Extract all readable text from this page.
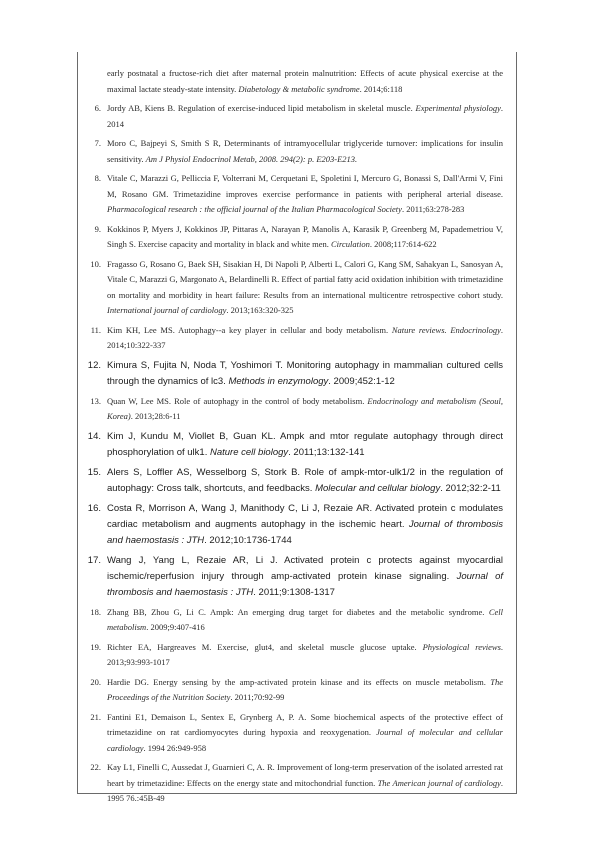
early postnatal a fructose-rich diet after maternal protein malnutrition: Effects of acute physical exercise at the maximal lactate steady-state intensity. Diabetology & metabolic syndrome. 2014;6:118
6. Jordy AB, Kiens B. Regulation of exercise-induced lipid metabolism in skeletal muscle. Experimental physiology. 2014
7. Moro C, Bajpeyi S, Smith S R, Determinants of intramyocellular triglyceride turnover: implications for insulin sensitivity. Am J Physiol Endocrinol Metab, 2008. 294(2): p. E203-E213.
8. Vitale C, Marazzi G, Pelliccia F, Volterrani M, Cerquetani E, Spoletini I, Mercuro G, Bonassi S, Dall'Armi V, Fini M, Rosano GM. Trimetazidine improves exercise performance in patients with peripheral arterial disease. Pharmacological research : the official journal of the Italian Pharmacological Society. 2011;63:278-283
9. Kokkinos P, Myers J, Kokkinos JP, Pittaras A, Narayan P, Manolis A, Karasik P, Greenberg M, Papademetriou V, Singh S. Exercise capacity and mortality in black and white men. Circulation. 2008;117:614-622
10. Fragasso G, Rosano G, Baek SH, Sisakian H, Di Napoli P, Alberti L, Calori G, Kang SM, Sahakyan L, Sanosyan A, Vitale C, Marazzi G, Margonato A, Belardinelli R. Effect of partial fatty acid oxidation inhibition with trimetazidine on mortality and morbidity in heart failure: Results from an international multicentre retrospective cohort study. International journal of cardiology. 2013;163:320-325
11. Kim KH, Lee MS. Autophagy--a key player in cellular and body metabolism. Nature reviews. Endocrinology. 2014;10:322-337
12. Kimura S, Fujita N, Noda T, Yoshimori T. Monitoring autophagy in mammalian cultured cells through the dynamics of lc3. Methods in enzymology. 2009;452:1-12
13. Quan W, Lee MS. Role of autophagy in the control of body metabolism. Endocrinology and metabolism (Seoul, Korea). 2013;28:6-11
14. Kim J, Kundu M, Viollet B, Guan KL. Ampk and mtor regulate autophagy through direct phosphorylation of ulk1. Nature cell biology. 2011;13:132-141
15. Alers S, Loffler AS, Wesselborg S, Stork B. Role of ampk-mtor-ulk1/2 in the regulation of autophagy: Cross talk, shortcuts, and feedbacks. Molecular and cellular biology. 2012;32:2-11
16. Costa R, Morrison A, Wang J, Manithody C, Li J, Rezaie AR. Activated protein c modulates cardiac metabolism and augments autophagy in the ischemic heart. Journal of thrombosis and haemostasis : JTH. 2012;10:1736-1744
17. Wang J, Yang L, Rezaie AR, Li J. Activated protein c protects against myocardial ischemic/reperfusion injury through amp-activated protein kinase signaling. Journal of thrombosis and haemostasis : JTH. 2011;9:1308-1317
18. Zhang BB, Zhou G, Li C. Ampk: An emerging drug target for diabetes and the metabolic syndrome. Cell metabolism. 2009;9:407-416
19. Richter EA, Hargreaves M. Exercise, glut4, and skeletal muscle glucose uptake. Physiological reviews. 2013;93:993-1017
20. Hardie DG. Energy sensing by the amp-activated protein kinase and its effects on muscle metabolism. The Proceedings of the Nutrition Society. 2011;70:92-99
21. Fantini E1, Demaison L, Sentex E, Grynberg A, P. A. Some biochemical aspects of the protective effect of trimetazidine on rat cardiomyocytes during hypoxia and reoxygenation. Journal of molecular and cellular cardiology. 1994 26:949-958
22. Kay L1, Finelli C, Aussedat J, Guarnieri C, A. R. Improvement of long-term preservation of the isolated arrested rat heart by trimetazidine: Effects on the energy state and mitochondrial function. The American journal of cardiology. 1995 76.:45B-49
